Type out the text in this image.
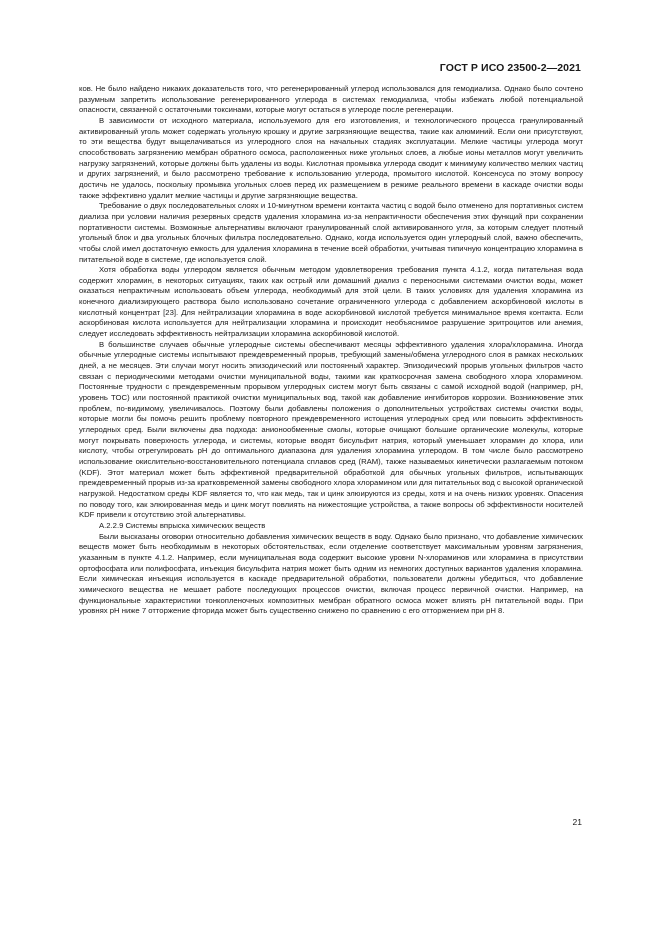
ГОСТ Р ИСО 23500-2—2021

ков. Не было найдено никаких доказательств того, что регенерированный углерод использовался для гемодиализа. Однако было сочтено разумным запретить использование регенерированного углерода в системах гемодиализа, чтобы избежать любой потенциальной опасности, связанной с остаточными токсинами, которые могут остаться в углероде после регенерации.

В зависимости от исходного материала, используемого для его изготовления, и технологического процесса гранулированный активированный уголь может содержать угольную крошку и другие загрязняющие вещества, такие как алюминий. Если они присутствуют, то эти вещества будут выщелачиваться из углеродного слоя на начальных стадиях эксплуатации. Мелкие частицы углерода могут способствовать загрязнению мембран обратного осмоса, расположенных ниже угольных слоев, а любые ионы металлов могут увеличить нагрузку загрязнений, которые должны быть удалены из воды. Кислотная промывка углерода сводит к минимуму количество мелких частиц и других загрязнений, и было рассмотрено требование к использованию углерода, промытого кислотой. Консенсуса по этому вопросу достичь не удалось, поскольку промывка угольных слоев перед их размещением в режиме реального времени в каскаде очистки воды также эффективно удалит мелкие частицы и другие загрязняющие вещества.

Требование о двух последовательных слоях и 10-минутном времени контакта частиц с водой было отменено для портативных систем диализа при условии наличия резервных средств удаления хлорамина из-за непрактичности обеспечения этих функций при сохранении портативности системы. Возможные альтернативы включают гранулированный слой активированного угля, за которым следует плотный угольный блок и два угольных блочных фильтра последовательно. Однако, когда используется один углеродный слой, важно обеспечить, чтобы слой имел достаточную емкость для удаления хлорамина в течение всей обработки, учитывая типичную концентрацию хлорамина в питательной воде в системе, где используется слой.

Хотя обработка воды углеродом является обычным методом удовлетворения требования пункта 4.1.2, когда питательная вода содержит хлорамин, в некоторых ситуациях, таких как острый или домашний диализ с переносными системами очистки воды, может оказаться непрактичным использовать объем углерода, необходимый для этой цели. В таких условиях для удаления хлорамина из конечного диализирующего раствора было использовано сочетание ограниченного углерода с добавлением аскорбиновой кислоты в кислотный концентрат [23]. Для нейтрализации хлорамина в воде аскорбиновой кислотой требуется минимальное время контакта. Если аскорбиновая кислота используется для нейтрализации хлорамина и происходит необъяснимое разрушение эритроцитов или анемия, следует исследовать эффективность нейтрализации хлорамина аскорбиновой кислотой.

В большинстве случаев обычные углеродные системы обеспечивают месяцы эффективного удаления хлора/хлорамина. Иногда обычные углеродные системы испытывают преждевременный прорыв, требующий замены/обмена углеродного слоя в рамках нескольких дней, а не месяцев. Эти случаи могут носить эпизодический или постоянный характер. Эпизодический прорыв угольных фильтров часто связан с периодическими методами очистки муниципальной воды, такими как краткосрочная замена свободного хлора хлорамином. Постоянные трудности с преждевременным прорывом углеродных систем могут быть связаны с самой исходной водой (например, pH, уровень TOC) или постоянной практикой очистки муниципальных вод, такой как добавление ингибиторов коррозии. Возникновение этих проблем, по-видимому, увеличивалось. Поэтому были добавлены положения о дополнительных устройствах системы очистки воды, которые могли бы помочь решить проблему повторного преждевременного истощения углеродных сред или повысить эффективность углеродных сред. Были включены два подхода: анионообменные смолы, которые очищают большие органические молекулы, которые могут покрывать поверхность углерода, и системы, которые вводят бисульфит натрия, который уменьшает хлорамин до хлора, или кислоту, чтобы отрегулировать pH до оптимального диапазона для удаления хлорамина углеродом. В том числе было рассмотрено использование окислительно-восстановительного потенциала сплавов сред (RAM), также называемых кинетически разлагаемым потоком (KDF). Этот материал может быть эффективной предварительной обработкой для обычных угольных фильтров, испытывающих преждевременный прорыв из-за кратковременной замены свободного хлора хлорамином или для питательных вод с высокой органической нагрузкой. Недостатком среды KDF является то, что как медь, так и цинк элюируются из среды, хотя и на очень низких уровнях. Опасения по поводу того, как элюированная медь и цинк могут повлиять на нижестоящие устройства, а также вопросы об эффективности носителей KDF привели к отсутствию этой альтернативы.

А.2.2.9 Системы впрыска химических веществ

Были высказаны оговорки относительно добавления химических веществ в воду. Однако было признано, что добавление химических веществ может быть необходимым в некоторых обстоятельствах, если отделение соответствует максимальным уровням загрязнения, указанным в пункте 4.1.2. Например, если муниципальная вода содержит высокие уровни N-хлораминов или хлорамина в присутствии ортофосфата или полифосфата, инъекция бисульфита натрия может быть одним из немногих доступных вариантов удаления хлорамина. Если химическая инъекция используется в каскаде предварительной обработки, пользователи должны убедиться, что добавление химического вещества не мешает работе последующих процессов очистки, включая процесс первичной очистки. Например, на функциональные характеристики тонкопленочных композитных мембран обратного осмоса может влиять pH питательной воды. При уровнях pH ниже 7 отторжение фторида может быть существенно снижено по сравнению с его отторжением при pH 8.

21
